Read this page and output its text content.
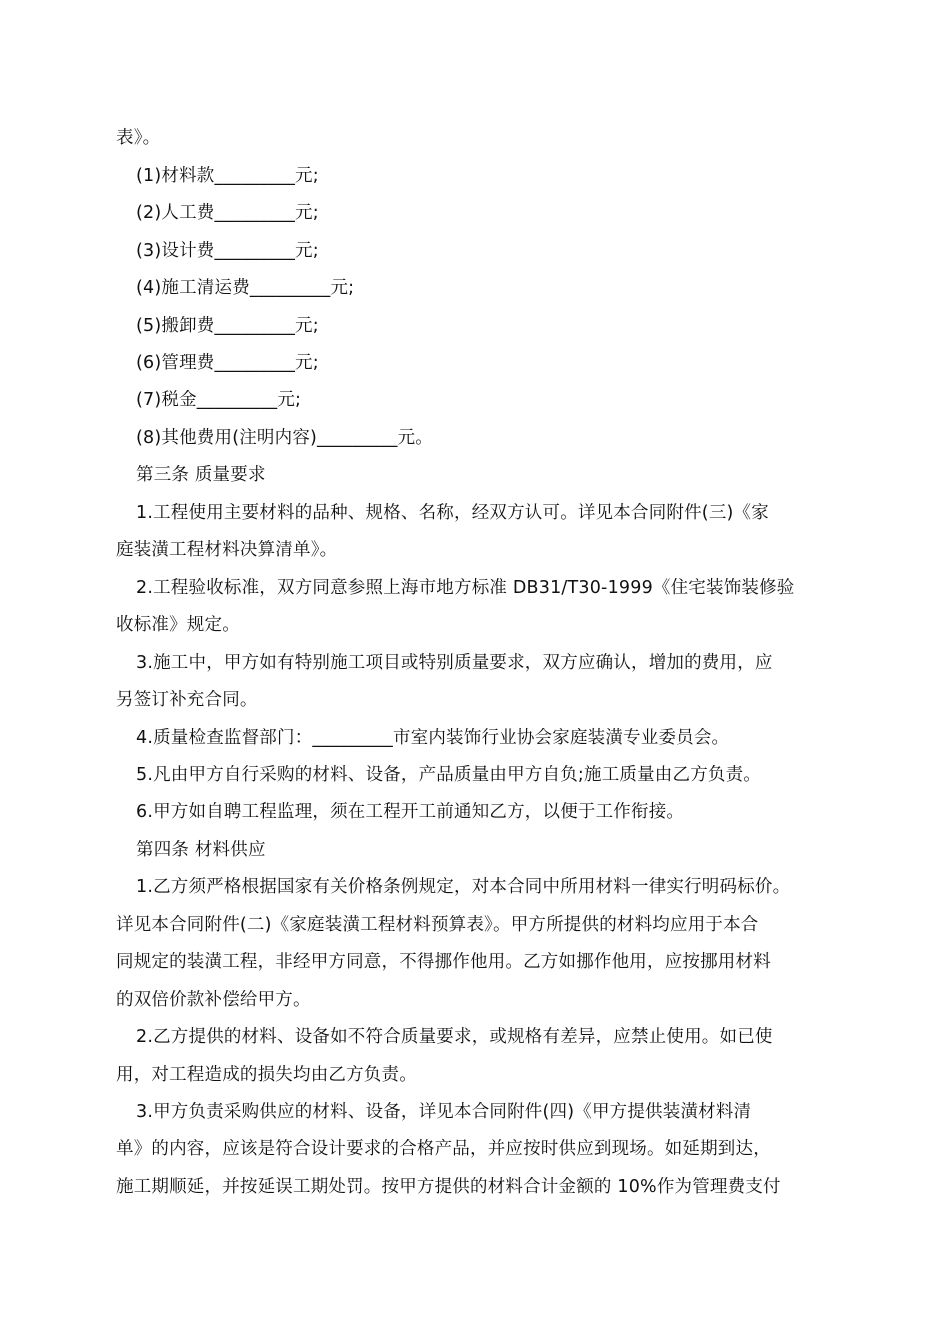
表》。
(1)材料款_________元;
(2)人工费_________元;
(3)设计费_________元;
(4)施工清运费_________元;
(5)搬卸费_________元;
(6)管理费_________元;
(7)税金_________元;
(8)其他费用(注明内容)_________元。
第三条 质量要求
1.工程使用主要材料的品种、规格、名称，经双方认可。详见本合同附件(三)《家
庭装潢工程材料决算清单》。
2.工程验收标准，双方同意参照上海市地方标准 DB31/T30-1999《住宅装饰装修验
收标准》规定。
3.施工中，甲方如有特别施工项目或特别质量要求，双方应确认，增加的费用，应
另签订补充合同。
4.质量检查监督部门：_________市室内装饰行业协会家庭装潢专业委员会。
5.凡由甲方自行采购的材料、设备，产品质量由甲方自负;施工质量由乙方负责。
6.甲方如自聘工程监理，须在工程开工前通知乙方，以便于工作衔接。
第四条 材料供应
1.乙方须严格根据国家有关价格条例规定，对本合同中所用材料一律实行明码标价。
详见本合同附件(二)《家庭装潢工程材料预算表》。甲方所提供的材料均应用于本合
同规定的装潢工程，非经甲方同意，不得挪作他用。乙方如挪作他用，应按挪用材料
的双倍价款补偿给甲方。
2.乙方提供的材料、设备如不符合质量要求，或规格有差异，应禁止使用。如已使
用，对工程造成的损失均由乙方负责。
3.甲方负责采购供应的材料、设备，详见本合同附件(四)《甲方提供装潢材料清
单》的内容，应该是符合设计要求的合格产品，并应按时供应到现场。如延期到达，
施工期顺延，并按延误工期处罚。按甲方提供的材料合计金额的 10%作为管理费支付
